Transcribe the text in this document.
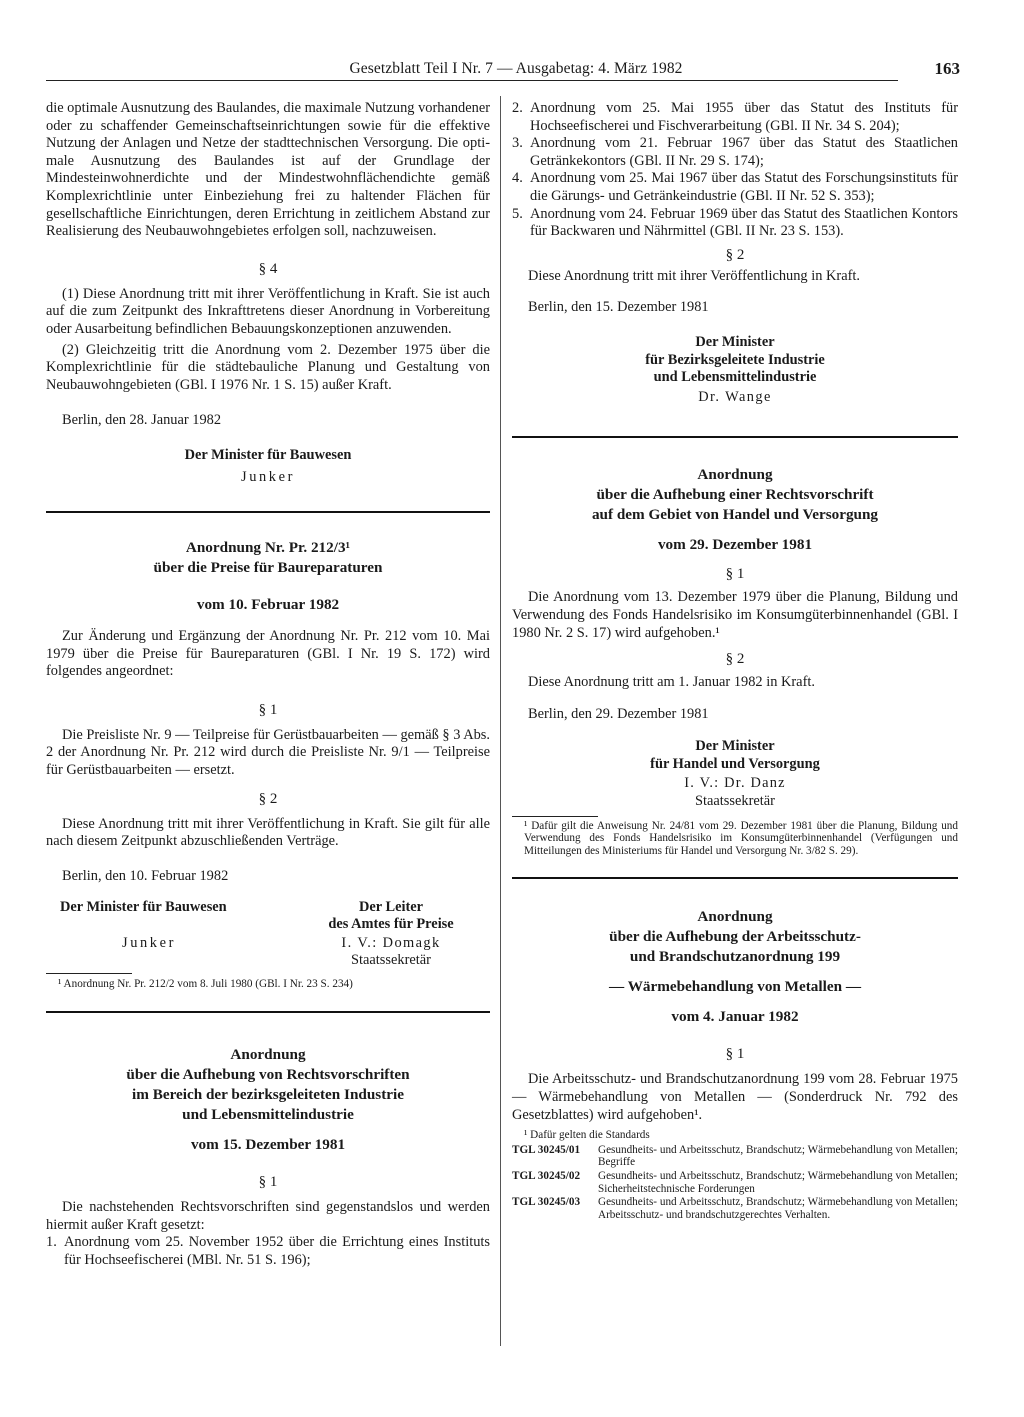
Gesetzblatt Teil I Nr. 7 — Ausgabetag: 4. März 1982	163

die optimale Ausnutzung des Baulandes, die maximale Nutzung vorhandener oder zu schaffender Gemeinschaftseinrichtungen sowie für die effektive Nutzung der Anlagen und Netze der stadttechnischen Versorgung. Die optimale Ausnutzung des Baulandes ist auf der Grundlage der Mindesteinwohnerdichte und der Mindestwohnflächendichte gemäß Komplexrichtlinie unter Einbeziehung frei zu haltender Flächen für gesellschaftliche Einrichtungen, deren Errichtung in zeitlichem Abstand zur Realisierung des Neubauwohngebietes erfolgen soll, nachzuweisen.

§ 4

(1) Diese Anordnung tritt mit ihrer Veröffentlichung in Kraft. Sie ist auch auf die zum Zeitpunkt des Inkrafttretens dieser Anordnung in Vorbereitung oder Ausarbeitung befindlichen Bebauungskonzeptionen anzuwenden.

(2) Gleichzeitig tritt die Anordnung vom 2. Dezember 1975 über die Komplexrichtlinie für die städtebauliche Planung und Gestaltung von Neubauwohngebieten (GBl. I 1976 Nr. 1 S. 15) außer Kraft.

Berlin, den 28. Januar 1982

Der Minister für Bauwesen

Junker

Anordnung Nr. Pr. 212/3¹

über die Preise für Baureparaturen

vom 10. Februar 1982

Zur Änderung und Ergänzung der Anordnung Nr. Pr. 212 vom 10. Mai 1979 über die Preise für Baureparaturen (GBl. I Nr. 19 S. 172) wird folgendes angeordnet:

§ 1

Die Preisliste Nr. 9 — Teilpreise für Gerüstbauarbeiten — gemäß § 3 Abs. 2 der Anordnung Nr. Pr. 212 wird durch die Preisliste Nr. 9/1 — Teilpreise für Gerüstbauarbeiten — ersetzt.

§ 2

Diese Anordnung tritt mit ihrer Veröffentlichung in Kraft. Sie gilt für alle nach diesem Zeitpunkt abzuschließenden Verträge.

Berlin, den 10. Februar 1982

Der Minister für Bauwesen

Junker

Der Leiter

des Amtes für Preise

I. V.: Domagk

Staatssekretär

¹ Anordnung Nr. Pr. 212/2 vom 8. Juli 1980 (GBl. I Nr. 23 S. 234)

Anordnung

über die Aufhebung von Rechtsvorschriften

im Bereich der bezirksgeleiteten Industrie

und Lebensmittelindustrie

vom 15. Dezember 1981

§ 1

Die nachstehenden Rechtsvorschriften sind gegenstandslos und werden hiermit außer Kraft gesetzt:

1. Anordnung vom 25. November 1952 über die Errichtung eines Instituts für Hochseefischerei (MBl. Nr. 51 S. 196);
2. Anordnung vom 25. Mai 1955 über das Statut des Instituts für Hochseefischerei und Fischverarbeitung (GBl. II Nr. 34 S. 204);
3. Anordnung vom 21. Februar 1967 über das Statut des Staatlichen Getränkekontors (GBl. II Nr. 29 S. 174);
4. Anordnung vom 25. Mai 1967 über das Statut des Forschungsinstituts für die Gärungs- und Getränkeindustrie (GBl. II Nr. 52 S. 353);
5. Anordnung vom 24. Februar 1969 über das Statut des Staatlichen Kontors für Backwaren und Nährmittel (GBl. II Nr. 23 S. 153).

§ 2

Diese Anordnung tritt mit ihrer Veröffentlichung in Kraft.

Berlin, den 15. Dezember 1981

Der Minister

für Bezirksgeleitete Industrie

und Lebensmittelindustrie

Dr. Wange

Anordnung

über die Aufhebung einer Rechtsvorschrift

auf dem Gebiet von Handel und Versorgung

vom 29. Dezember 1981

§ 1

Die Anordnung vom 13. Dezember 1979 über die Planung, Bildung und Verwendung des Fonds Handelsrisiko im Konsumgüterbinnenhandel (GBl. I 1980 Nr. 2 S. 17) wird aufgehoben.¹

§ 2

Diese Anordnung tritt am 1. Januar 1982 in Kraft.

Berlin, den 29. Dezember 1981

Der Minister

für Handel und Versorgung

I. V.: Dr. Danz

Staatssekretär

¹ Dafür gilt die Anweisung Nr. 24/81 vom 29. Dezember 1981 über die Planung, Bildung und Verwendung des Fonds Handelsrisiko im Konsumgüterbinnenhandel (Verfügungen und Mitteilungen des Ministeriums für Handel und Versorgung Nr. 3/82 S. 29).

Anordnung

über die Aufhebung der Arbeitsschutz-

und Brandschutzanordnung 199

— Wärmebehandlung von Metallen —

vom 4. Januar 1982

§ 1

Die Arbeitsschutz- und Brandschutzanordnung 199 vom 28. Februar 1975 — Wärmebehandlung von Metallen — (Sonderdruck Nr. 792 des Gesetzblattes) wird aufgehoben¹.

¹ Dafür gelten die Standards

TGL 30245/01	Gesundheits- und Arbeitsschutz, Brandschutz; Wärmebehandlung von Metallen; Begriffe
TGL 30245/02	Gesundheits- und Arbeitsschutz, Brandschutz; Wärmebehandlung von Metallen; Sicherheitstechnische Forderungen
TGL 30245/03	Gesundheits- und Arbeitsschutz, Brandschutz; Wärmebehandlung von Metallen; Arbeitsschutz- und brandschutzgerechtes Verhalten.
